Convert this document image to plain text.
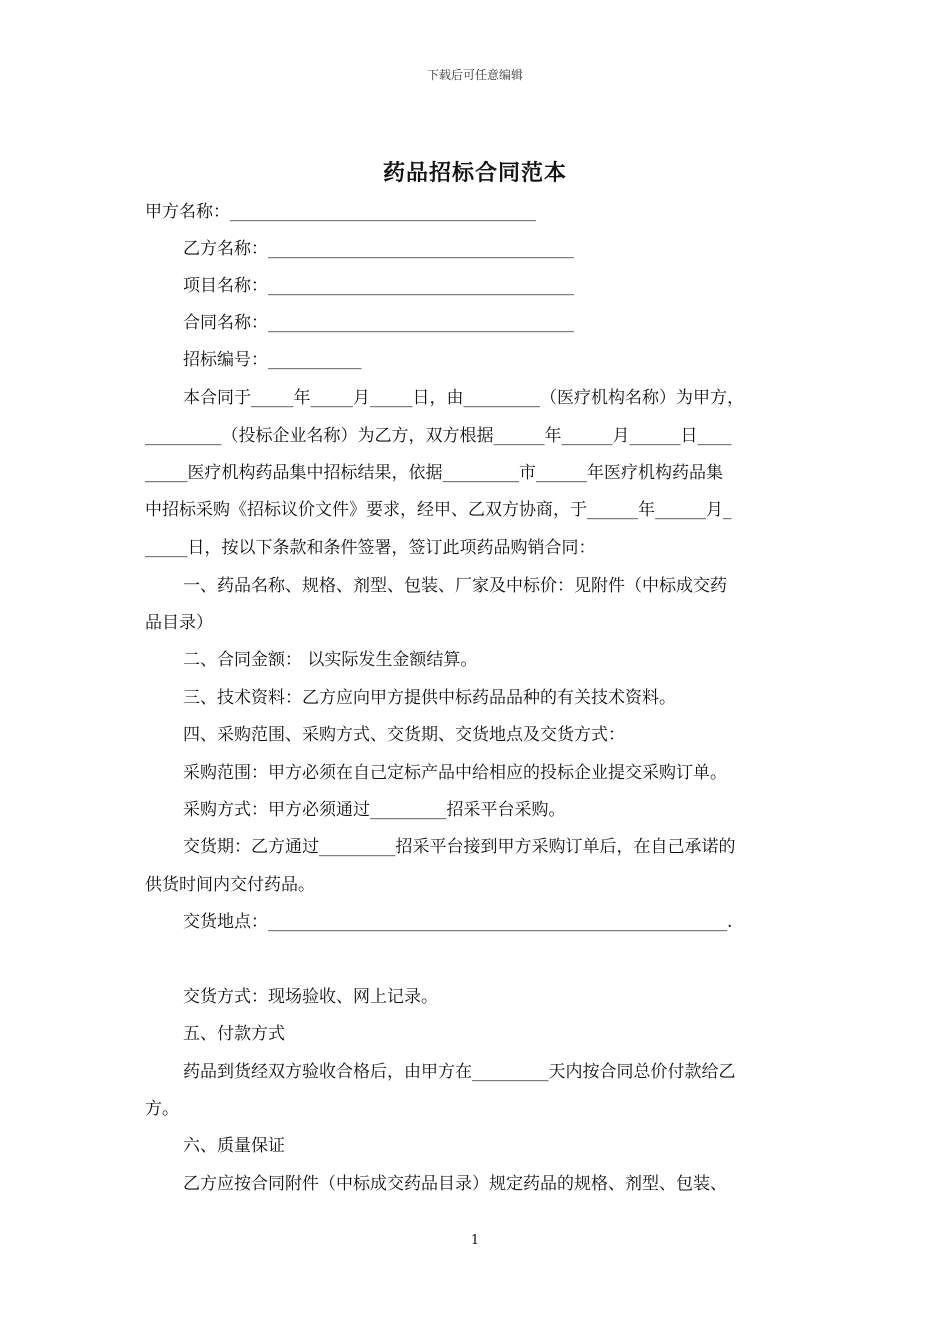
下载后可任意编辑
药品招标合同范本
甲方名称：____________________________________
乙方名称：____________________________________
项目名称：____________________________________
合同名称：____________________________________
招标编号：___________
本合同于_____年_____月_____日，由_________（医疗机构名称）为甲方，
_________（投标企业名称）为乙方，双方根据______年______月______日____
_____医疗机构药品集中招标结果，依据_________市______年医疗机构药品集
中招标采购《招标议价文件》要求，经甲、乙双方协商，于______年______月_
_____日，按以下条款和条件签署，签订此项药品购销合同：
一、药品名称、规格、剂型、包装、厂家及中标价：见附件（中标成交药
品目录）
二、合同金额： 以实际发生金额结算。
三、技术资料：乙方应向甲方提供中标药品品种的有关技术资料。
四、采购范围、采购方式、交货期、交货地点及交货方式：
采购范围：甲方必须在自己定标产品中给相应的投标企业提交采购订单。
采购方式：甲方必须通过_________招采平台采购。
交货期：乙方通过_________招采平台接到甲方采购订单后，在自己承诺的
供货时间内交付药品。
交货地点：______________________________________________________.
交货方式：现场验收、网上记录。
五、付款方式
药品到货经双方验收合格后，由甲方在_________天内按合同总价付款给乙
方。
六、质量保证
乙方应按合同附件（中标成交药品目录）规定药品的规格、剂型、包装、
1
